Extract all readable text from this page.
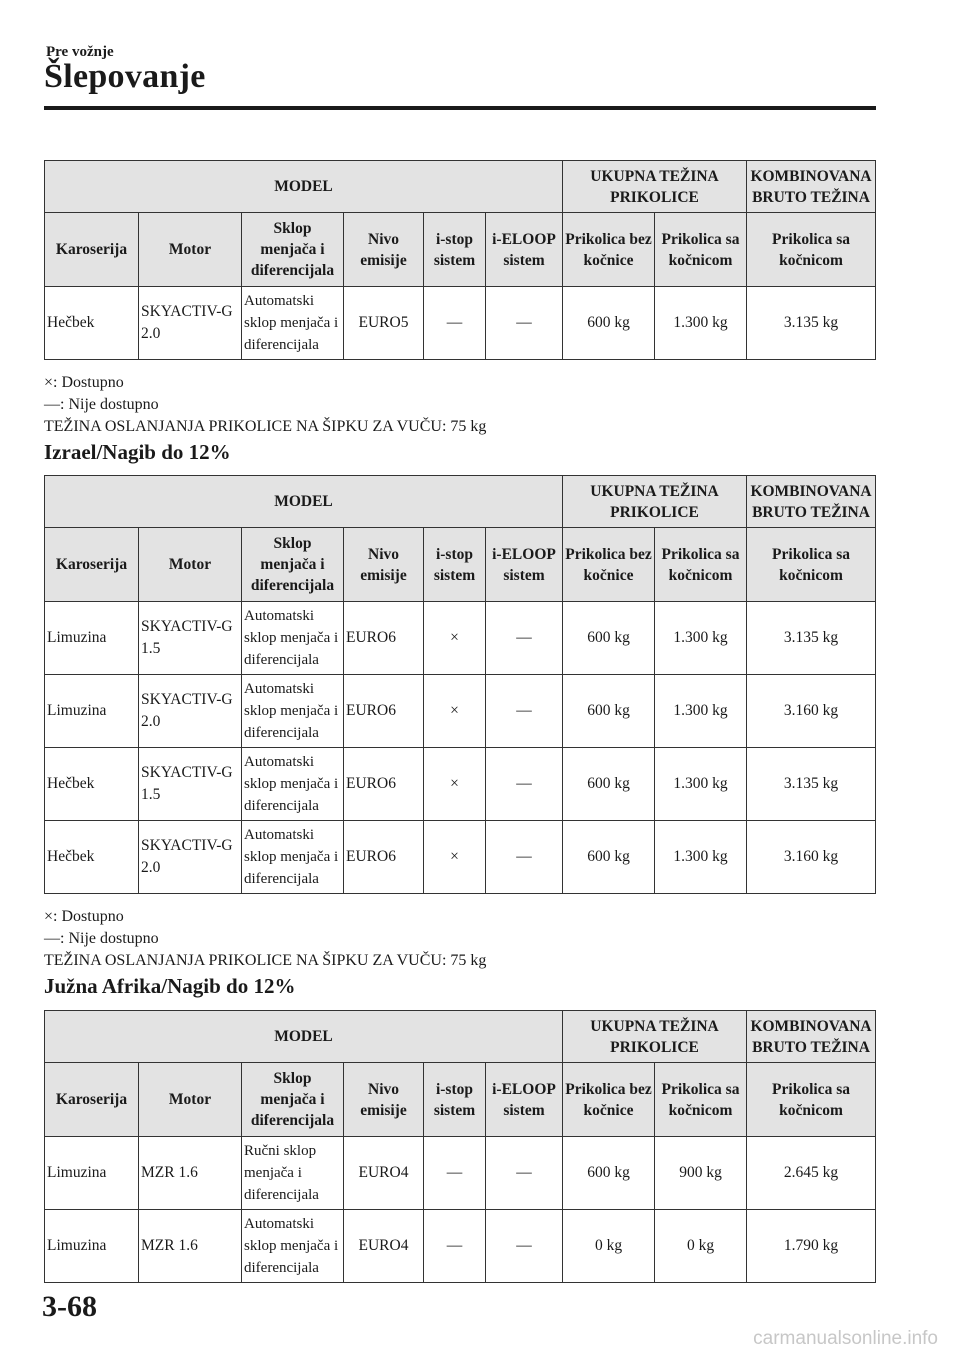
Pre vožnje
Šlepovanje
MODEL						UKUPNA TEŽINA PRIKOLICE		KOMBINOVANA BRUTO TEŽINA
Karoserija	Motor	Sklop menjača i diferencijala	Nivo emisije	i-stop sistem	i-ELOOP sistem	Prikolica bez kočnice	Prikolica sa kočnicom	Prikolica sa kočnicom
Hečbek	SKYACTIV-G 2.0	Automatski sklop menjača i diferencijala	EURO5	―	―	600 kg	1.300 kg	3.135 kg
×: Dostupno
―: Nije dostupno
TEŽINA OSLANJANJA PRIKOLICE NA ŠIPKU ZA VUČU: 75 kg
Izrael/Nagib do 12%
MODEL						UKUPNA TEŽINA PRIKOLICE		KOMBINOVANA BRUTO TEŽINA
Karoserija	Motor	Sklop menjača i diferencijala	Nivo emisije	i-stop sistem	i-ELOOP sistem	Prikolica bez kočnice	Prikolica sa kočnicom	Prikolica sa kočnicom
Limuzina	SKYACTIV-G 1.5	Automatski sklop menjača i diferencijala	EURO6	×	―	600 kg	1.300 kg	3.135 kg
Limuzina	SKYACTIV-G 2.0	Automatski sklop menjača i diferencijala	EURO6	×	―	600 kg	1.300 kg	3.160 kg
Hečbek	SKYACTIV-G 1.5	Automatski sklop menjača i diferencijala	EURO6	×	―	600 kg	1.300 kg	3.135 kg
Hečbek	SKYACTIV-G 2.0	Automatski sklop menjača i diferencijala	EURO6	×	―	600 kg	1.300 kg	3.160 kg
×: Dostupno
―: Nije dostupno
TEŽINA OSLANJANJA PRIKOLICE NA ŠIPKU ZA VUČU: 75 kg
Južna Afrika/Nagib do 12%
MODEL						UKUPNA TEŽINA PRIKOLICE		KOMBINOVANA BRUTO TEŽINA
Karoserija	Motor	Sklop menjača i diferencijala	Nivo emisije	i-stop sistem	i-ELOOP sistem	Prikolica bez kočnice	Prikolica sa kočnicom	Prikolica sa kočnicom
Limuzina	MZR 1.6	Ručni sklop menjača i diferencijala	EURO4	―	―	600 kg	900 kg	2.645 kg
Limuzina	MZR 1.6	Automatski sklop menjača i diferencijala	EURO4	―	―	0 kg	0 kg	1.790 kg
3-68
carmanualsonline.info
